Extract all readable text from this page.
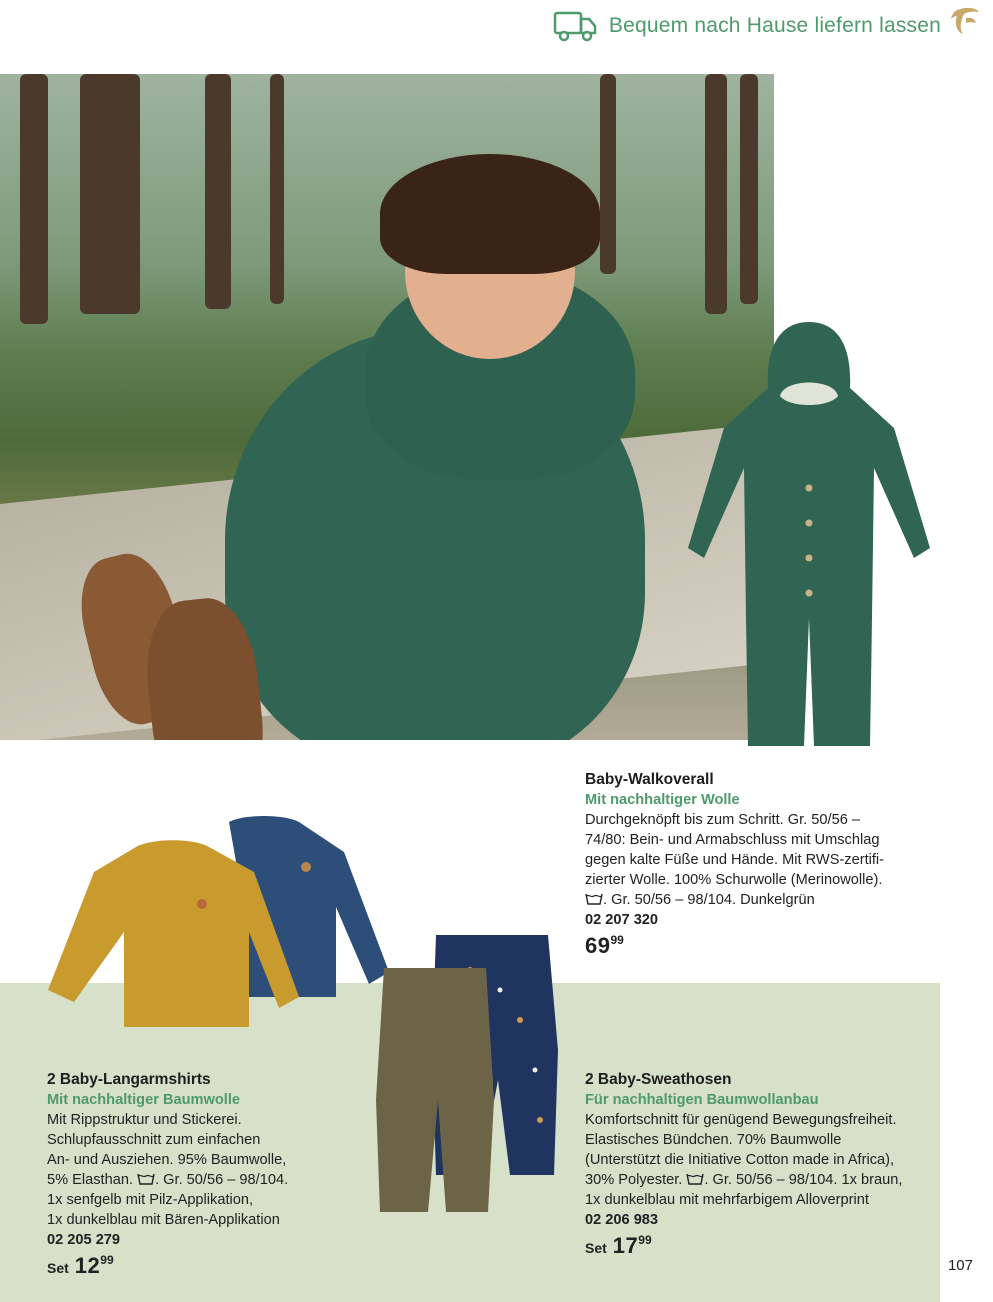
Bequem nach Hause liefern lassen
Baby-Walkoverall
Mit nachhaltiger Wolle
Durchgeknöpft bis zum Schritt. Gr. 50/56 –
74/80: Bein- und Armabschluss mit Umschlag
gegen kalte Füße und Hände. Mit RWS-zertifi-
zierter Wolle. 100% Schurwolle (Merinowolle).
. Gr. 50/56 – 98/104. Dunkelgrün
02 207 320
$69^{99}$
2 Baby-Langarmshirts
Mit nachhaltiger Baumwolle
Mit Rippstruktur und Stickerei.
Schlupfausschnitt zum einfachen
An- und Ausziehen. 95% Baumwolle,
5% Elasthan. . Gr. 50/56 – 98/104.
1x senfgelb mit Pilz-Applikation,
1x dunkelblau mit Bären-Applikation
02 205 279
Set $12^{99}$
2 Baby-Sweathosen
Für nachhaltigen Baumwollanbau
Komfortschnitt für genügend Bewegungsfreiheit.
Elastisches Bündchen. 70% Baumwolle
(Unterstützt die Initiative Cotton made in Africa),
30% Polyester. . Gr. 50/56 – 98/104. 1x braun,
1x dunkelblau mit mehrfarbigem Alloverprint
02 206 983
Set $17^{99}$
107
